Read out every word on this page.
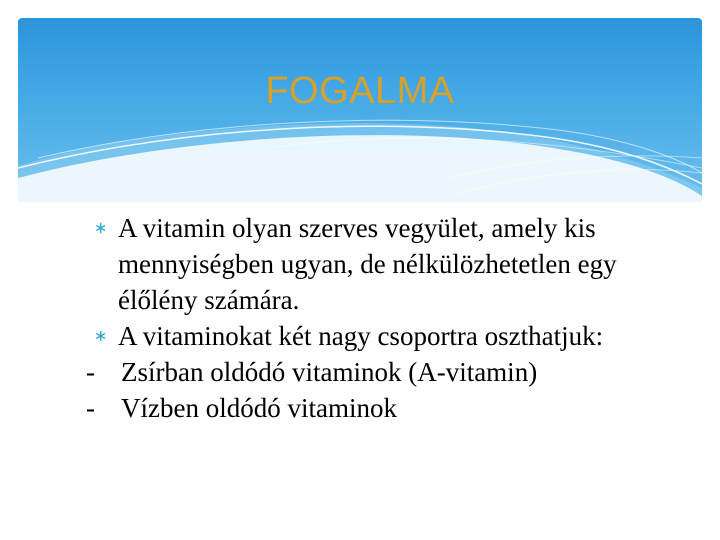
FOGALMA

∗ A vitamin olyan szerves vegyület, amely kis mennyiségben ugyan, de nélkülözhetetlen egy élőlény számára.

∗ A vitaminokat két nagy csoportra oszthatjuk:

- Zsírban oldódó vitaminok (A-vitamin)

- Vízben oldódó vitaminok
